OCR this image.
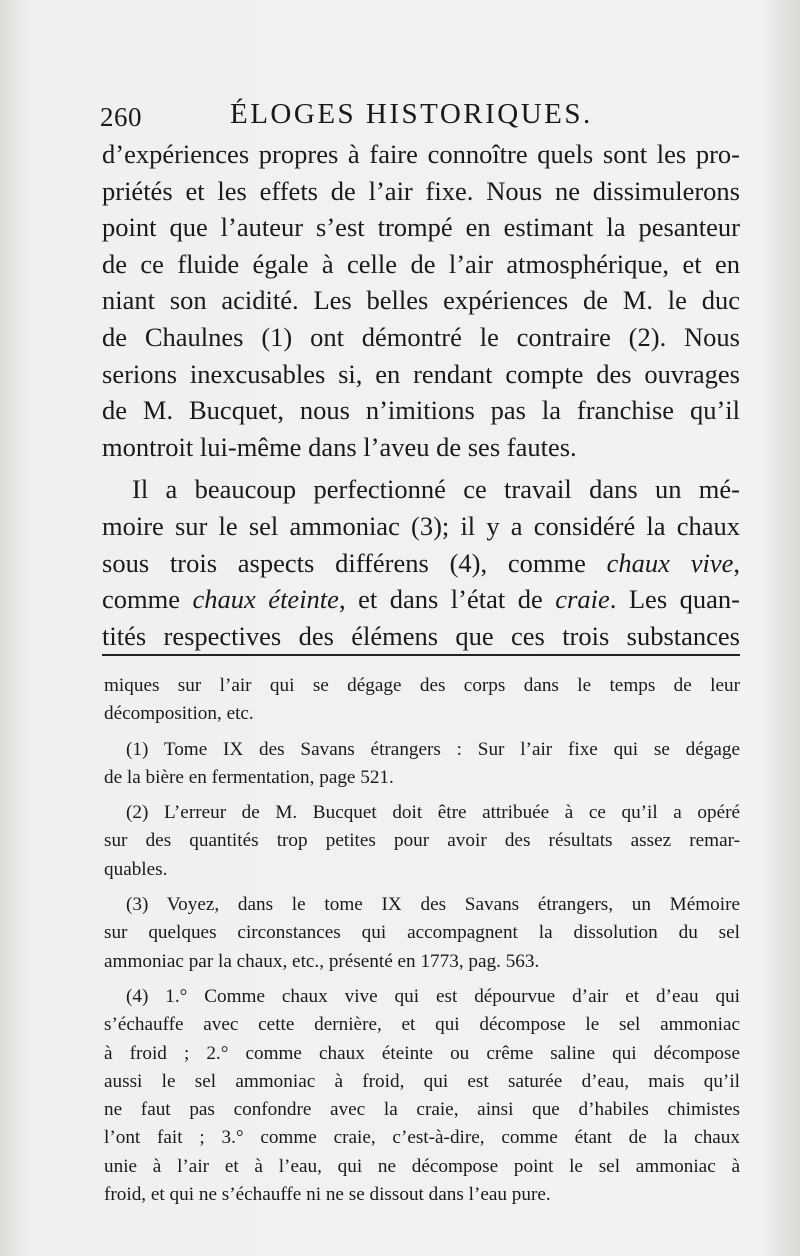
260	ÉLOGES HISTORIQUES.
d’expériences propres à faire connoître quels sont les pro-
priétés et les effets de l’air fixe. Nous ne dissimulerons
point que l’auteur s’est trompé en estimant la pesanteur
de ce fluide égale à celle de l’air atmosphérique, et en
niant son acidité. Les belles expériences de M. le duc
de Chaulnes (1) ont démontré le contraire (2). Nous
serions inexcusables si, en rendant compte des ouvrages
de M. Bucquet, nous n’imitions pas la franchise qu’il
montroit lui-même dans l’aveu de ses fautes.
Il a beaucoup perfectionné ce travail dans un mé-
moire sur le sel ammoniac (3); il y a considéré la chaux
sous trois aspects différens (4), comme chaux vive,
comme chaux éteinte, et dans l’état de craie. Les quan-
tités respectives des élémens que ces trois substances
miques sur l’air qui se dégage des corps dans le temps de leur
décomposition, etc.
(1) Tome IX des Savans étrangers : Sur l’air fixe qui se dégage
de la bière en fermentation, page 521.
(2) L’erreur de M. Bucquet doit être attribuée à ce qu’il a opéré
sur des quantités trop petites pour avoir des résultats assez remar-
quables.
(3) Voyez, dans le tome IX des Savans étrangers, un Mémoire
sur quelques circonstances qui accompagnent la dissolution du sel
ammoniac par la chaux, etc., présenté en 1773, pag. 563.
(4) 1.° Comme chaux vive qui est dépourvue d’air et d’eau qui
s’échauffe avec cette dernière, et qui décompose le sel ammoniac
à froid ; 2.° comme chaux éteinte ou crême saline qui décompose
aussi le sel ammoniac à froid, qui est saturée d’eau, mais qu’il
ne faut pas confondre avec la craie, ainsi que d’habiles chimistes
l’ont fait ; 3.° comme craie, c’est-à-dire, comme étant de la chaux
unie à l’air et à l’eau, qui ne décompose point le sel ammoniac à
froid, et qui ne s’échauffe ni ne se dissout dans l’eau pure.
